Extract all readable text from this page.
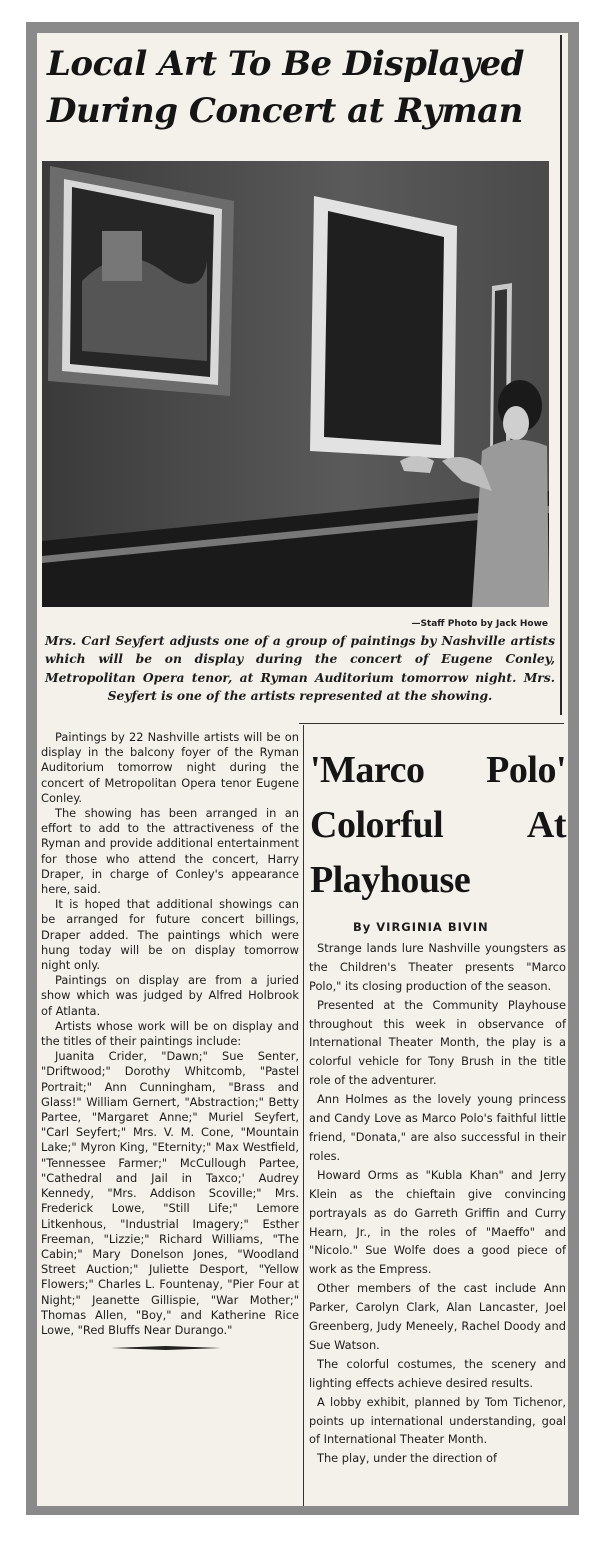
Local Art To Be Displayed During Concert at Ryman

—Staff Photo by Jack Howe

Mrs. Carl Seyfert adjusts one of a group of paintings by Nashville artists which will be on display during the concert of Eugene Conley, Metropolitan Opera tenor, at Ryman Auditorium tomorrow night. Mrs. Seyfert is one of the artists represented at the showing.

Paintings by 22 Nashville artists will be on display in the balcony foyer of the Ryman Auditorium tomorrow night during the concert of Metropolitan Opera tenor Eugene Conley.

The showing has been arranged in an effort to add to the attractiveness of the Ryman and provide additional entertainment for those who attend the concert, Harry Draper, in charge of Conley's appearance here, said.

It is hoped that additional showings can be arranged for future concert billings, Draper added. The paintings which were hung today will be on display tomorrow night only.

Paintings on display are from a juried show which was judged by Alfred Holbrook of Atlanta.

Artists whose work will be on display and the titles of their paintings include:

Juanita Crider, "Dawn;" Sue Senter, "Driftwood;" Dorothy Whitcomb, "Pastel Portrait;" Ann Cunningham, "Brass and Glass!" William Gernert, "Abstraction;" Betty Partee, "Margaret Anne;" Muriel Seyfert, "Carl Seyfert;" Mrs. V. M. Cone, "Mountain Lake;" Myron King, "Eternity;" Max Westfield, "Tennessee Farmer;" McCullough Partee, "Cathedral and Jail in Taxco;' Audrey Kennedy, "Mrs. Addison Scoville;" Mrs. Frederick Lowe, "Still Life;" Lemore Litkenhous, "Industrial Imagery;" Esther Freeman, "Lizzie;" Richard Williams, "The Cabin;" Mary Donelson Jones, "Woodland Street Auction;" Juliette Desport, "Yellow Flowers;" Charles L. Fountenay, "Pier Four at Night;" Jeanette Gillispie, "War Mother;" Thomas Allen, "Boy," and Katherine Rice Lowe, "Red Bluffs Near Durango."

'Marco Polo' Colorful At Playhouse
By VIRGINIA BIVIN

Strange lands lure Nashville youngsters as the Children's Theater presents "Marco Polo," its closing production of the season.

Presented at the Community Playhouse throughout this week in observance of International Theater Month, the play is a colorful vehicle for Tony Brush in the title role of the adventurer.

Ann Holmes as the lovely young princess and Candy Love as Marco Polo's faithful little friend, "Donata," are also successful in their roles.

Howard Orms as "Kubla Khan" and Jerry Klein as the chieftain give convincing portrayals as do Garreth Griffin and Curry Hearn, Jr., in the roles of "Maeffo" and "Nicolo." Sue Wolfe does a good piece of work as the Empress.

Other members of the cast include Ann Parker, Carolyn Clark, Alan Lancaster, Joel Greenberg, Judy Meneely, Rachel Doody and Sue Watson.

The colorful costumes, the scenery and lighting effects achieve desired results.

A lobby exhibit, planned by Tom Tichenor, points up international understanding, goal of International Theater Month.

The play, under the direction of
